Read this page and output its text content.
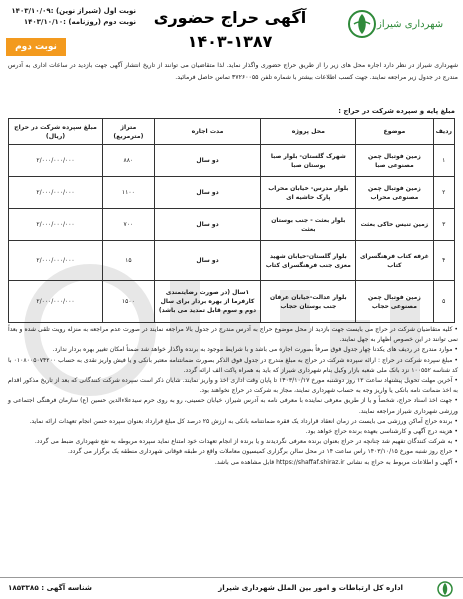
شهرداری شیراز
آگهی حراج حضوری
۱۴۰۳-۱۳۸۷
نوبت اول (شیراز نوین) :۱۴۰۳/۱۰/۰۹
نوبت دوم (روزنامه) :۱۴۰۳/۱۰/۱۰
نوبت دوم
شهرداری شیراز در نظر دارد اجاره محل های زیر را از طریق حراج حضوری واگذار نماید. لذا متقاضیان می توانند از تاریخ انتشار آگهی جهت بازدید در ساعات اداری به آدرس مندرج در جدول زیر مراجعه نمایند. جهت کسب اطلاعات بیشتر با شماره تلفن ۳۷۲۶۰۰۵۵ تماس حاصل فرمائید.
مبلغ پایه و سپرده شرکت در حراج :
ردیف	موضوع	محل پروژه	مدت اجاره	متراژ (مترمربع)	مبلغ سپرده شرکت در حراج (ریال)
۱	زمین فوتبال چمن مصنوعی صبا	شهرک گلستان- بلوار صبا بوستان صبا	دو سال	۸۸۰	۲/۰۰۰/۰۰۰/۰۰۰
۲	زمین فوتبال چمن مصنوعی محراب	بلوار مدرس- خیابان محراب پارک حاشیه ای	دو سال	۱۱۰۰	۲/۰۰۰/۰۰۰/۰۰۰
۳	زمین تنیس خاکی بعثت	بلوار بعثت - جنب بوستان بعثت	دو سال	۷۰۰	۲/۰۰۰/۰۰۰/۰۰۰
۴	غرفه کتاب فرهنگسرای کتاب	بلوار گلستان-خیابان شهید معزی جنب فرهنگسرای کتاب	دو سال	۱۵	۲/۰۰۰/۰۰۰/۰۰۰
۵	زمین فوتبال چمن مصنوعی حجاب	بلوار عدالت-خیابان عرفان جنب بوستان حجاب	۱سال (در صورت رضایتمندی کارفرما از بهره بردار برای سال دوم و سوم قابل تمدید می باشد)	۱۵۰۰	۲/۰۰۰/۰۰۰/۰۰۰

• کلیه متقاضیان شرکت در حراج می بایست جهت بازدید از محل موضوع حراج به آدرس مندرج در جدول بالا مراجعه نمایند در صورت عدم مراجعه به منزله رویت تلقی شده و بعداً نمی توانند در این خصوص اظهار به جهل نمایند.

• موارد مندرج در ردیف های یکدنا چهار جدول فوق صرفاً بصورت اجاره می باشد و با شرایط موجود به برنده واگذار خواهد شد ضمناً امکان تغییر بهره بردار ندارد.

• مبلغ سپرده شرکت در حراج : ارائه سپرده شرکت در حراج به مبلغ مندرج در جدول فوق الذکر بصورت ضمانتنامه معتبر بانکی و یا فیش واریز نقدی به حساب ۰۱۰۸۰۰۵۰۷۴۲۰۰ با کد شناسه ۱۰۰۵۵۲ نزد بانک ملی شعبه بازار وکیل بنام شهرداری شیراز که باید به همراه پاکت الف ارائه گردد.

• آخرین مهلت تحویل پیشنهاد ساعت ۱۲ روز دوشنبه مورخ ۱۴۰۳/۱۰/۱۷ تا پایان وقت اداری اخذ و واریز نمایند. شایان ذکر است سپرده شرکت کنندگانی که بعد از تاریخ مذکور اقدام به اخذ ضمانت نامه بانکی یا واریز وجه به حساب شهرداری نمایند، مجاز به شرکت در حراج نخواهند بود.

• جهت اخذ اسناد حراج، شخصاً و یا از طریق معرفی نماینده با معرفی نامه به آدرس شیراز، خیابان حسینی، رو به روی حرم سیدعلاءالدین حسین (ع) سازمان فرهنگی اجتماعی و ورزشی شهرداری شیراز مراجعه نمایند.

• برنده حراج آماکن ورزشی می بایست در زمان انعقاد قرارداد یک فقره ضمانتنامه بانکی به ارزش ۲۵ درصد کل مبلغ قرارداد بعنوان سپرده حسن انجام تعهدات ارائه نماید.

• هزینه درج آگهی و کارشناسی بعهده برنده حراج خواهد بود.

• به شرکت کنندگان تفهیم شد چنانچه در حراج بعنوان برنده معرفی نگردیدند و یا برنده از انجام تعهدات خود امتناع نماید سپرده مربوطه به نفع شهرداری ضبط می گردد.

• حراج روز شنبه مورخ ۱۴۰۳/۱۰/۱۵ راس ساعت ۱۴ در محل سالن برگزاری کمیسیون معاملات واقع در طبقه فوقانی شهرداری منطقه یک برگزار می گردد.

• آگهی و اطلاعات مربوط به حراج به نشانی https://shaffaf.shiraz.ir قابل مشاهده می باشد.

اداره کل ارتباطات و امور بین الملل شهرداری شیراز
شناسه آگهی : ۱۸۵۳۳۸۵
